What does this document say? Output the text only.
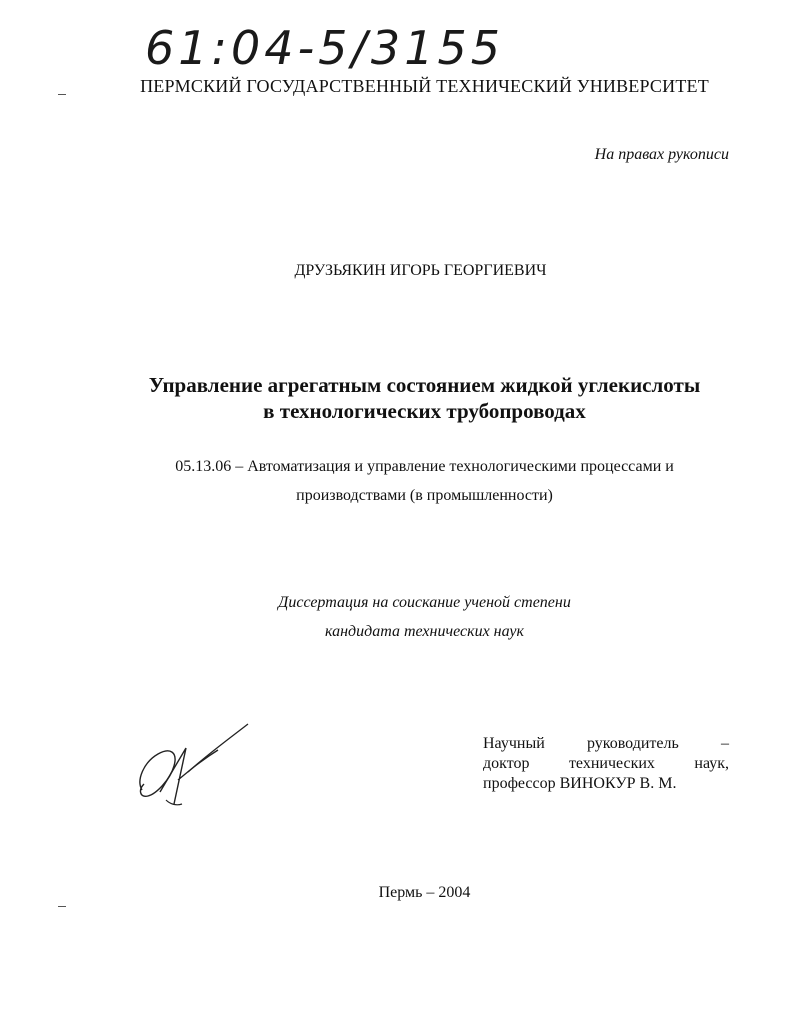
61:04-5/3155
ПЕРМСКИЙ ГОСУДАРСТВЕННЫЙ ТЕХНИЧЕСКИЙ УНИВЕРСИТЕТ
На правах рукописи
ДРУЗЬЯКИН ИГОРЬ ГЕОРГИЕВИЧ
Управление агрегатным состоянием жидкой углекислоты
в технологических трубопроводах
05.13.06 – Автоматизация и управление технологическими процессами и
производствами (в промышленности)
Диссертация на соискание ученой степени
кандидата технических наук
Научный	руководитель	–
доктор технических наук,
профессор ВИНОКУР В. М.
Пермь – 2004
